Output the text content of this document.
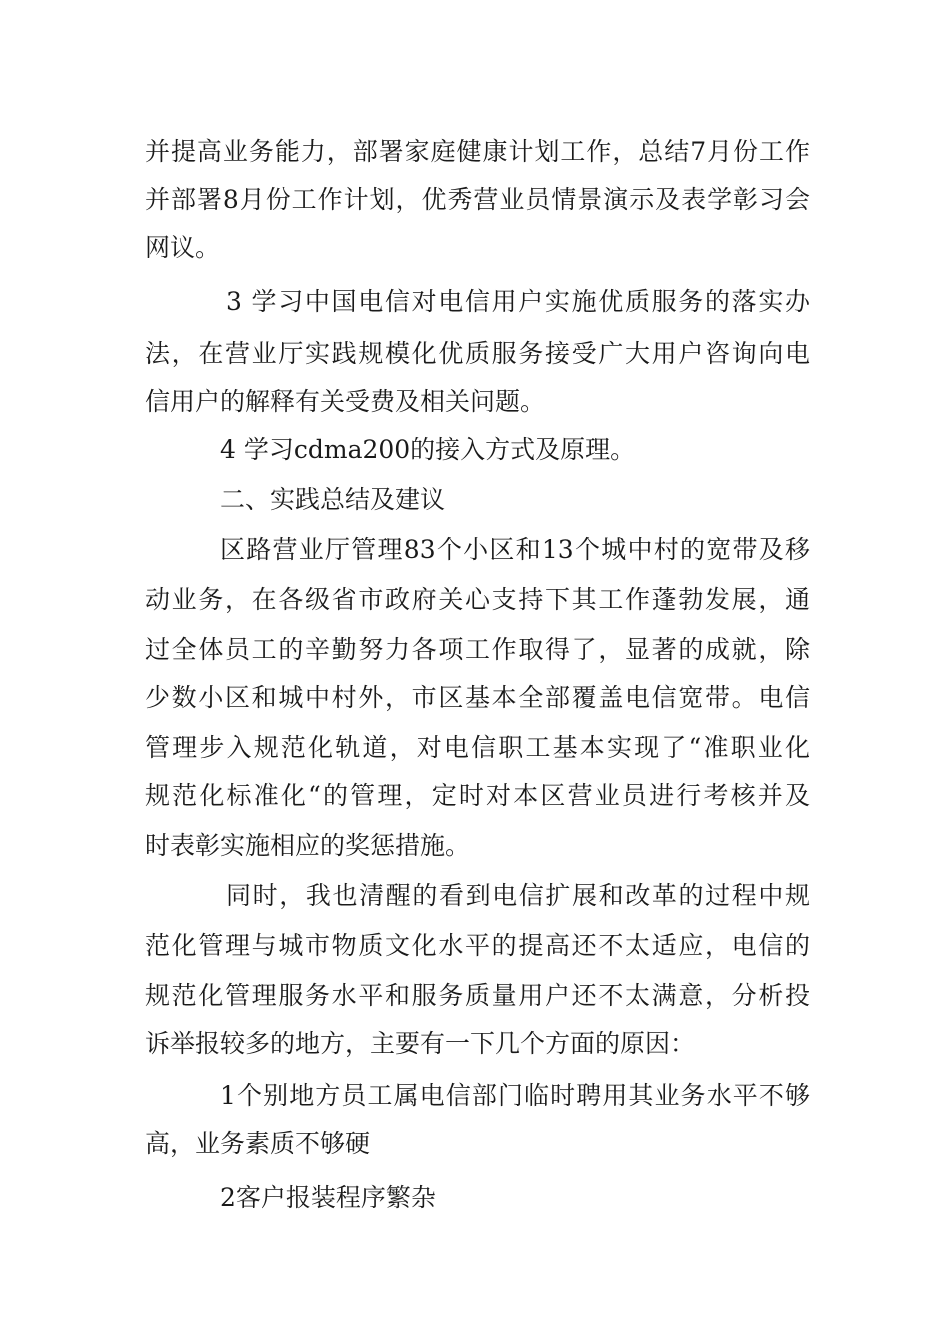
并提高业务能力，部署家庭健康计划工作，总结7月份工作
并部署8月份工作计划，优秀营业员情景演示及表学彰习会
网议。
3 学习中国电信对电信用户实施优质服务的落实办
法，在营业厅实践规模化优质服务接受广大用户咨询向电
信用户的解释有关受费及相关问题。
4 学习cdma200的接入方式及原理。
二、实践总结及建议
区路营业厅管理83个小区和13个城中村的宽带及移
动业务，在各级省市政府关心支持下其工作蓬勃发展，通
过全体员工的辛勤努力各项工作取得了，显著的成就，除
少数小区和城中村外，市区基本全部覆盖电信宽带。电信
管理步入规范化轨道，对电信职工基本实现了“准职业化
规范化标准化“的管理，定时对本区营业员进行考核并及
时表彰实施相应的奖惩措施。
同时，我也清醒的看到电信扩展和改革的过程中规
范化管理与城市物质文化水平的提高还不太适应，电信的
规范化管理服务水平和服务质量用户还不太满意，分析投
诉举报较多的地方，主要有一下几个方面的原因：
1个别地方员工属电信部门临时聘用其业务水平不够
高，业务素质不够硬
2客户报装程序繁杂
